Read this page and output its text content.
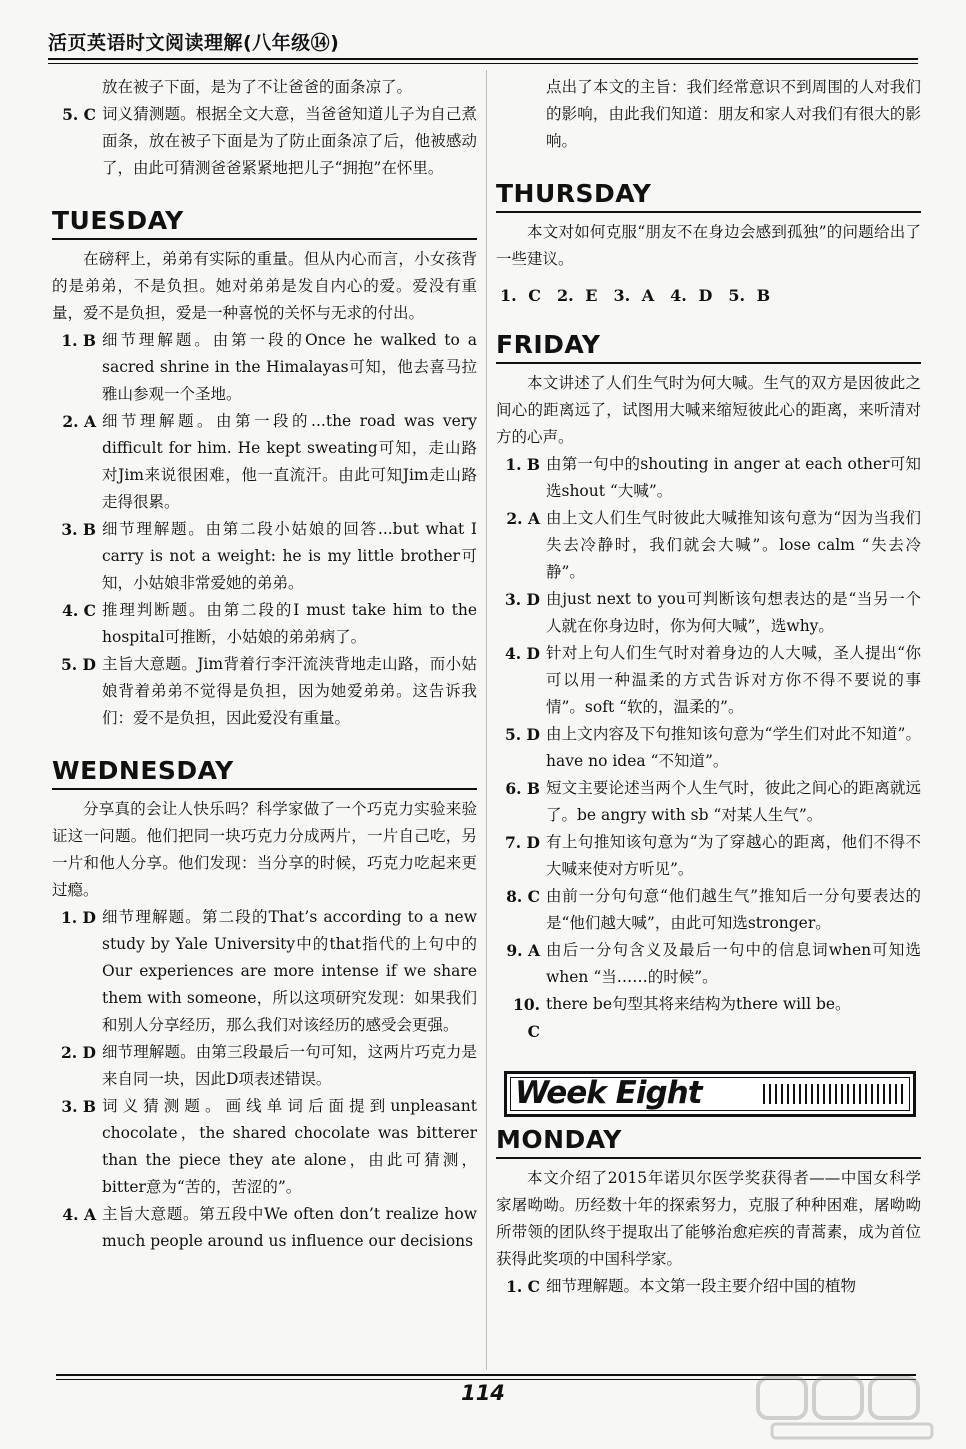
活页英语时文阅读理解(八年级⑭)

放在被子下面，是为了不让爸爸的面条凉了。

5. C 词义猜测题。根据全文大意，当爸爸知道儿子为自己煮面条，放在被子下面是为了防止面条凉了后，他被感动了，由此可猜测爸爸紧紧地把儿子“拥抱”在怀里。
TUESDAY

在磅秤上，弟弟有实际的重量。但从内心而言，小女孩背的是弟弟，不是负担。她对弟弟是发自内心的爱。爱没有重量，爱不是负担，爱是一种喜悦的关怀与无求的付出。

1. B 细节理解题。由第一段的Once he walked to a sacred shrine in the Himalayas可知，他去喜马拉雅山参观一个圣地。
2. A 细节理解题。由第一段的...the road was very difficult for him. He kept sweating可知，走山路对Jim来说很困难，他一直流汗。由此可知Jim走山路走得很累。
3. B 细节理解题。由第二段小姑娘的回答...but what I carry is not a weight: he is my little brother可知，小姑娘非常爱她的弟弟。
4. C 推理判断题。由第二段的I must take him to the hospital可推断，小姑娘的弟弟病了。
5. D 主旨大意题。Jim背着行李汗流浃背地走山路，而小姑娘背着弟弟不觉得是负担，因为她爱弟弟。这告诉我们：爱不是负担，因此爱没有重量。
WEDNESDAY

分享真的会让人快乐吗？科学家做了一个巧克力实验来验证这一问题。他们把同一块巧克力分成两片，一片自己吃，另一片和他人分享。他们发现：当分享的时候，巧克力吃起来更过瘾。

1. D 细节理解题。第二段的That’s according to a new study by Yale University中的that指代的上句中的Our experiences are more intense if we share them with someone，所以这项研究发现：如果我们和别人分享经历，那么我们对该经历的感受会更强。
2. D 细节理解题。由第三段最后一句可知，这两片巧克力是来自同一块，因此D项表述错误。
3. B 词义猜测题。画线单词后面提到unpleasant chocolate，the shared chocolate was bitterer than the piece they ate alone，由此可猜测，bitter意为“苦的，苦涩的”。
4. A 主旨大意题。第五段中We often don’t realize how much people around us influence our decisions

点出了本文的主旨：我们经常意识不到周围的人对我们的影响，由此我们知道：朋友和家人对我们有很大的影响。

THURSDAY

本文对如何克服“朋友不在身边会感到孤独”的问题给出了一些建议。

1. C　2. E　3. A　4. D　5. B
FRIDAY

本文讲述了人们生气时为何大喊。生气的双方是因彼此之间心的距离远了，试图用大喊来缩短彼此心的距离，来听清对方的心声。

1. B 由第一句中的shouting in anger at each other可知选shout “大喊”。
2. A 由上文人们生气时彼此大喊推知该句意为“因为当我们失去冷静时，我们就会大喊”。lose calm “失去冷静”。
3. D 由just next to you可判断该句想表达的是“当另一个人就在你身边时，你为何大喊”，选why。
4. D 针对上句人们生气时对着身边的人大喊，圣人提出“你可以用一种温柔的方式告诉对方你不得不要说的事情”。soft “软的，温柔的”。
5. D 由上文内容及下句推知该句意为“学生们对此不知道”。have no idea “不知道”。
6. B 短文主要论述当两个人生气时，彼此之间心的距离就远了。be angry with sb “对某人生气”。
7. D 有上句推知该句意为“为了穿越心的距离，他们不得不大喊来使对方听见”。
8. C 由前一分句句意“他们越生气”推知后一分句要表达的是“他们越大喊”，由此可知选stronger。
9. A 由后一分句含义及最后一句中的信息词when可知选when “当……的时候”。
10. C
there be句型其将来结构为there will be。
Week Eight
MONDAY

本文介绍了2015年诺贝尔医学奖获得者——中国女科学家屠呦呦。历经数十年的探索努力，克服了种种困难，屠呦呦所带领的团队终于提取出了能够治愈疟疾的青蒿素，成为首位获得此奖项的中国科学家。

1. C 细节理解题。本文第一段主要介绍中国的植物
114
